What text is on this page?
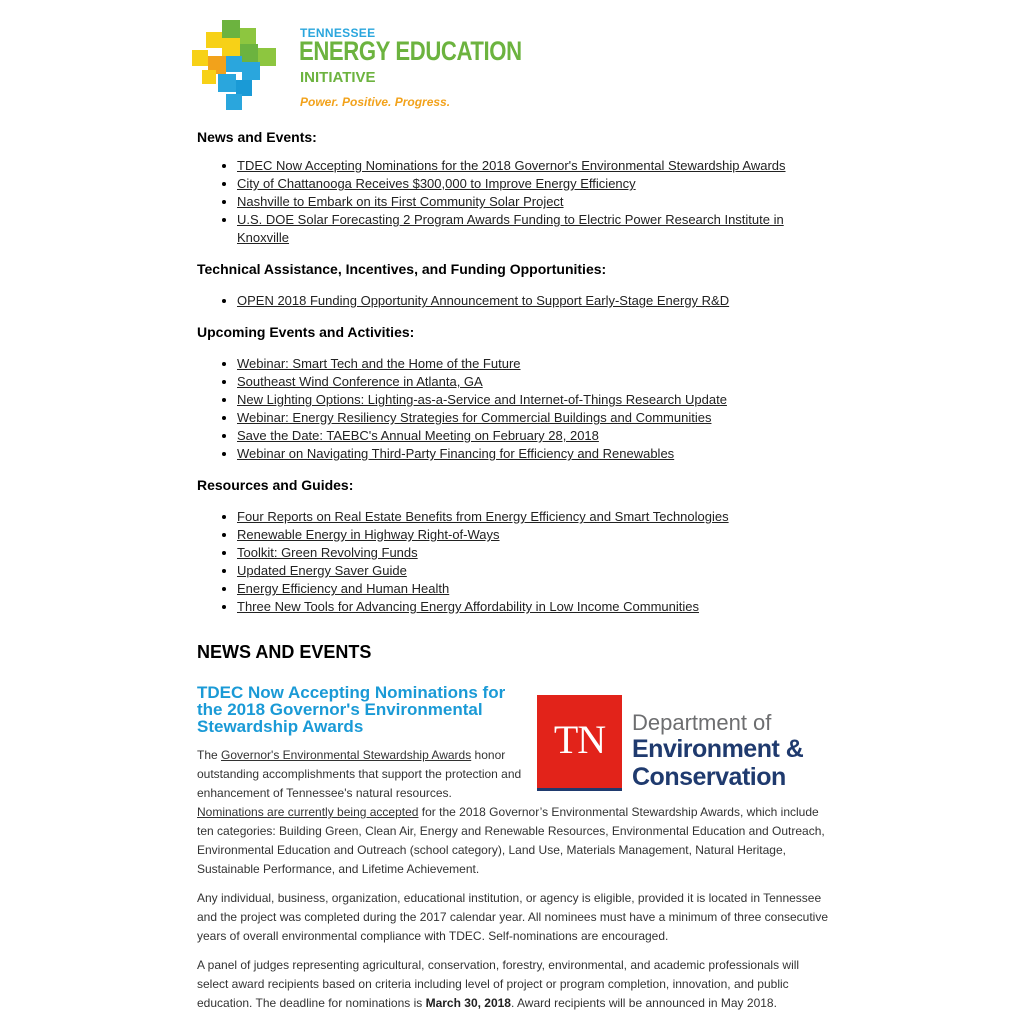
TENNESSEE
ENERGY EDUCATION
INITIATIVE
Power. Positive. Progress.
News and Events:
• TDEC Now Accepting Nominations for the 2018 Governor's Environmental Stewardship Awards
• City of Chattanooga Receives $300,000 to Improve Energy Efficiency
• Nashville to Embark on its First Community Solar Project
• U.S. DOE Solar Forecasting 2 Program Awards Funding to Electric Power Research Institute in Knoxville
Technical Assistance, Incentives, and Funding Opportunities:
• OPEN 2018 Funding Opportunity Announcement to Support Early-Stage Energy R&D
Upcoming Events and Activities:
• Webinar: Smart Tech and the Home of the Future
• Southeast Wind Conference in Atlanta, GA
• New Lighting Options: Lighting-as-a-Service and Internet-of-Things Research Update
• Webinar: Energy Resiliency Strategies for Commercial Buildings and Communities
• Save the Date: TAEBC's Annual Meeting on February 28, 2018
• Webinar on Navigating Third-Party Financing for Efficiency and Renewables
Resources and Guides:
• Four Reports on Real Estate Benefits from Energy Efficiency and Smart Technologies
• Renewable Energy in Highway Right-of-Ways
• Toolkit: Green Revolving Funds
• Updated Energy Saver Guide
• Energy Efficiency and Human Health
• Three New Tools for Advancing Energy Affordability in Low Income Communities
NEWS AND EVENTS
TDEC Now Accepting Nominations for the 2018 Governor's Environmental Stewardship Awards	TN	Department of
Environment &
Conservation

The Governor's Environmental Stewardship Awards honor outstanding accomplishments that support the protection and enhancement of Tennessee's natural resources.

Nominations are currently being accepted for the 2018 Governor’s Environmental Stewardship Awards, which include ten categories: Building Green, Clean Air, Energy and Renewable Resources, Environmental Education and Outreach, Environmental Education and Outreach (school category), Land Use, Materials Management, Natural Heritage, Sustainable Performance, and Lifetime Achievement.

Any individual, business, organization, educational institution, or agency is eligible, provided it is located in Tennessee and the project was completed during the 2017 calendar year. All nominees must have a minimum of three consecutive years of overall environmental compliance with TDEC. Self-nominations are encouraged.

A panel of judges representing agricultural, conservation, forestry, environmental, and academic professionals will select award recipients based on criteria including level of project or program completion, innovation, and public education. The deadline for nominations is March 30, 2018. Award recipients will be announced in May 2018.
